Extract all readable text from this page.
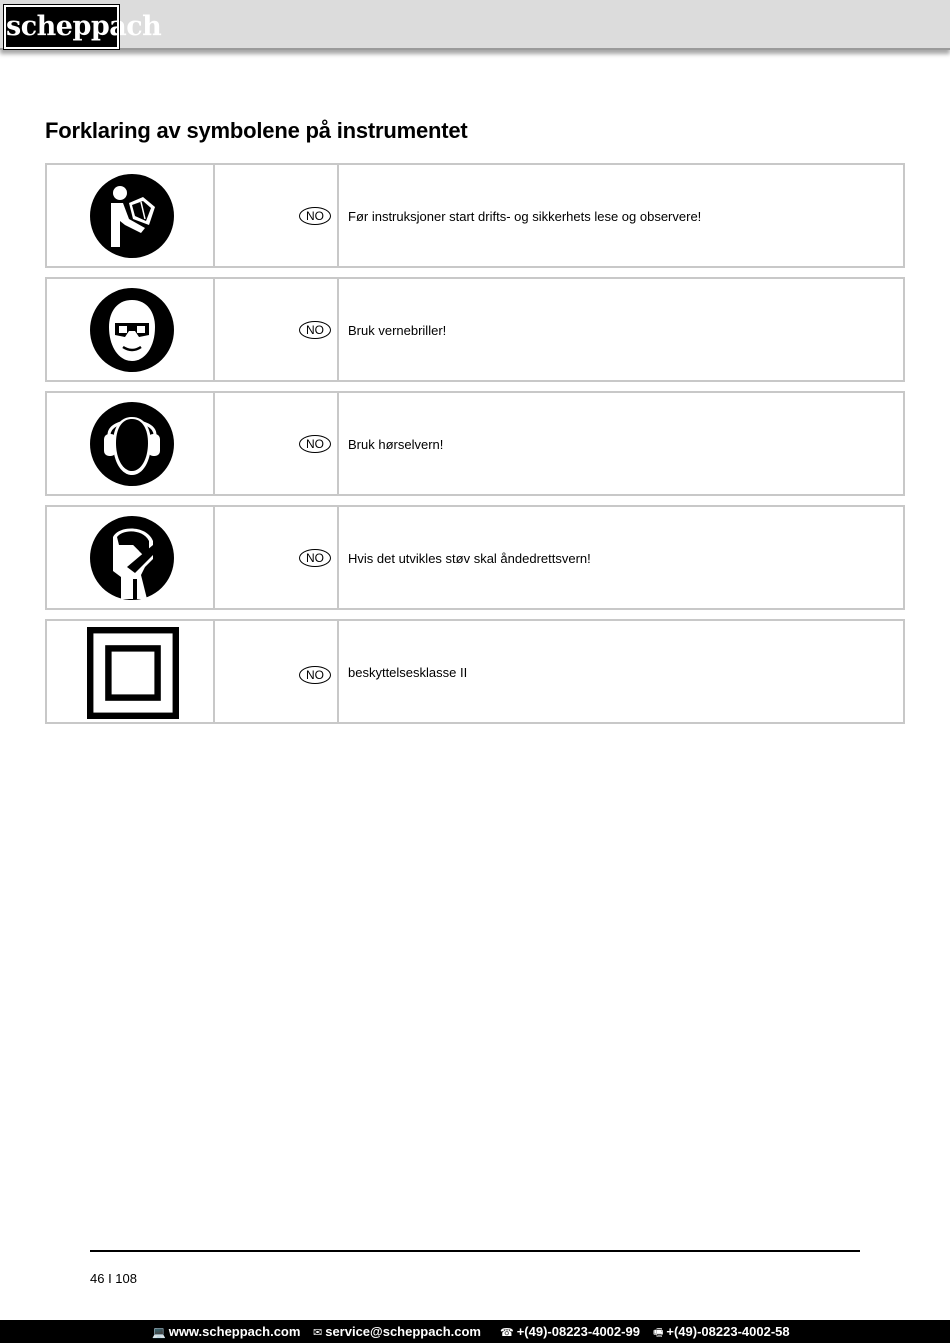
scheppach
Forklaring av symbolene på instrumentet
NO	Før instruksjoner start drifts- og sikkerhets lese og observere!
NO	Bruk vernebriller!
NO	Bruk hørselvern!
NO	Hvis det utvikles støv skal åndedrettsvern!
NO	beskyttelsesklasse II
46 I 108
💻 www.scheppach.com ✉ service@scheppach.com ☎ +(49)-08223-4002-99 🖷 +(49)-08223-4002-58
